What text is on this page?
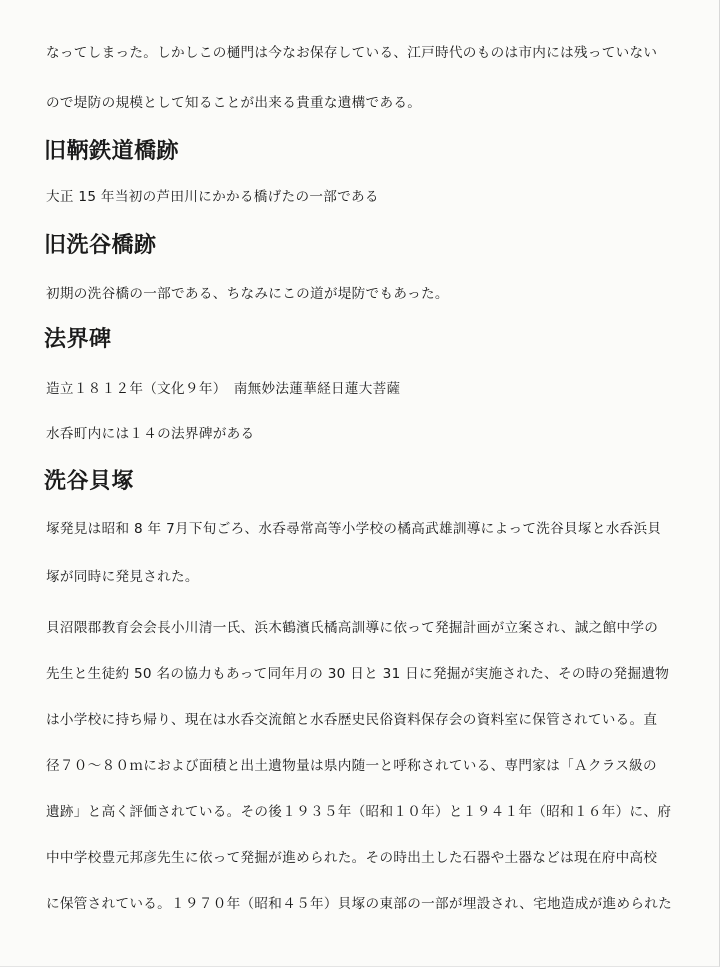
なってしまった。しかしこの樋門は今なお保存している、江戸時代のものは市内には残っていない
ので堤防の規模として知ることが出来る貴重な遺構である。
旧鞆鉄道橋跡
大正 15 年当初の芦田川にかかる橋げたの一部である
旧洗谷橋跡
初期の洗谷橋の一部である、ちなみにこの道が堤防でもあった。
法界碑
造立１８１２年（文化９年）　南無妙法蓮華経日蓮大菩薩
水呑町内には１４の法界碑がある
洗谷貝塚
塚発見は昭和 8 年 7月下旬ごろ、水呑尋常高等小学校の橘高武雄訓導によって洗谷貝塚と水呑浜貝
塚が同時に発見された。
貝沼隈郡教育会会長小川清一氏、浜木鶴濱氏橘高訓導に依って発掘計画が立案され、誠之館中学の
先生と生徒約 50 名の協力もあって同年月の 30 日と 31 日に発掘が実施された、その時の発掘遺物
は小学校に持ち帰り、現在は水呑交流館と水呑歴史民俗資料保存会の資料室に保管されている。直
径７０～８０ｍにおよび面積と出土遺物量は県内随一と呼称されている、専門家は「Ａクラス級の
遺跡」と高く評価されている。その後１９３５年（昭和１０年）と１９４１年（昭和１６年）に、府
中中学校豊元邦彦先生に依って発掘が進められた。その時出土した石器や土器などは現在府中高校
に保管されている。１９７０年（昭和４５年）貝塚の東部の一部が埋設され、宅地造成が進められた
